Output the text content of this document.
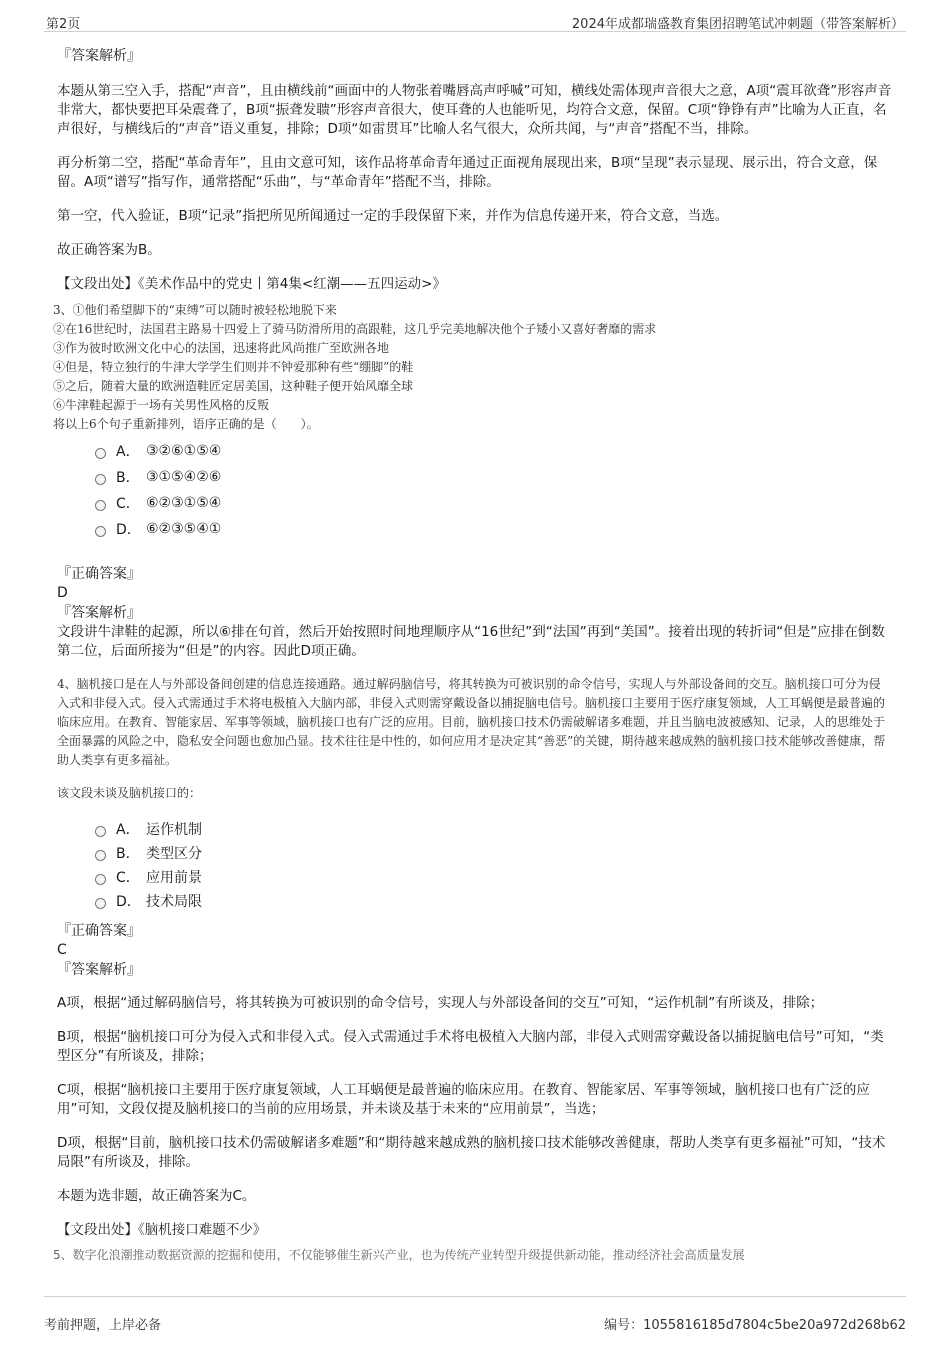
第2页	2024年成都瑞盛教育集团招聘笔试冲刺题（带答案解析）
『答案解析』

本题从第三空入手，搭配“声音”，且由横线前“画面中的人物张着嘴唇高声呼喊”可知，横线处需体现声音很大之意，A项“震耳欲聋”形容声音非常大，都快要把耳朵震聋了，B项“振聋发聩”形容声音很大，使耳聋的人也能听见，均符合文意，保留。C项“铮铮有声”比喻为人正直，名声很好，与横线后的“声音”语义重复，排除；D项“如雷贯耳”比喻人名气很大，众所共闻，与“声音”搭配不当，排除。

再分析第二空，搭配“革命青年”，且由文意可知，该作品将革命青年通过正面视角展现出来，B项“呈现”表示显现、展示出，符合文意，保留。A项“谱写”指写作，通常搭配“乐曲”，与“革命青年”搭配不当，排除。

第一空，代入验证，B项“记录”指把所见所闻通过一定的手段保留下来，并作为信息传递开来，符合文意，当选。

故正确答案为B。

【文段出处】《美术作品中的党史丨第4集<红潮——五四运动>》

3、①他们希望脚下的“束缚”可以随时被轻松地脱下来

②在16世纪时，法国君主路易十四爱上了骑马防滑所用的高跟鞋，这几乎完美地解决他个子矮小又喜好奢靡的需求

③作为彼时欧洲文化中心的法国，迅速将此风尚推广至欧洲各地

④但是，特立独行的牛津大学学生们则并不钟爱那种有些“绷脚”的鞋

⑤之后，随着大量的欧洲造鞋匠定居美国，这种鞋子便开始风靡全球

⑥牛津鞋起源于一场有关男性风格的反叛

将以上6个句子重新排列，语序正确的是（　　）。

A． ③②⑥①⑤④
B． ③①⑤④②⑥
C． ⑥②③①⑤④
D． ⑥②③⑤④①

『正确答案』

D

『答案解析』

文段讲牛津鞋的起源，所以⑥排在句首，然后开始按照时间地理顺序从“16世纪”到“法国”再到“美国”。接着出现的转折词“但是”应排在倒数第二位，后面所接为“但是”的内容。因此D项正确。

4、脑机接口是在人与外部设备间创建的信息连接通路。通过解码脑信号，将其转换为可被识别的命令信号，实现人与外部设备间的交互。脑机接口可分为侵入式和非侵入式。侵入式需通过手术将电极植入大脑内部，非侵入式则需穿戴设备以捕捉脑电信号。脑机接口主要用于医疗康复领域，人工耳蜗便是最普遍的临床应用。在教育、智能家居、军事等领域，脑机接口也有广泛的应用。目前，脑机接口技术仍需破解诸多难题，并且当脑电波被感知、记录，人的思维处于全面暴露的风险之中，隐私安全问题也愈加凸显。技术往往是中性的，如何应用才是决定其“善恶”的关键，期待越来越成熟的脑机接口技术能够改善健康，帮助人类享有更多福祉。

该文段未谈及脑机接口的：

A． 运作机制
B． 类型区分
C． 应用前景
D． 技术局限

『正确答案』

C

『答案解析』

A项，根据“通过解码脑信号，将其转换为可被识别的命令信号，实现人与外部设备间的交互”可知，“运作机制”有所谈及，排除；

B项，根据“脑机接口可分为侵入式和非侵入式。侵入式需通过手术将电极植入大脑内部，非侵入式则需穿戴设备以捕捉脑电信号”可知，“类型区分”有所谈及，排除；

C项，根据“脑机接口主要用于医疗康复领域，人工耳蜗便是最普遍的临床应用。在教育、智能家居、军事等领域，脑机接口也有广泛的应用”可知，文段仅提及脑机接口的当前的应用场景，并未谈及基于未来的“应用前景”，当选；

D项，根据“目前，脑机接口技术仍需破解诸多难题”和“期待越来越成熟的脑机接口技术能够改善健康，帮助人类享有更多福祉”可知，“技术局限”有所谈及，排除。

本题为选非题，故正确答案为C。

【文段出处】《脑机接口难题不少》

5、数字化浪潮推动数据资源的挖掘和使用，不仅能够催生新兴产业，也为传统产业转型升级提供新动能，推动经济社会高质量发展
考前押题，上岸必备	编号：1055816185d7804c5be20a972d268b62
